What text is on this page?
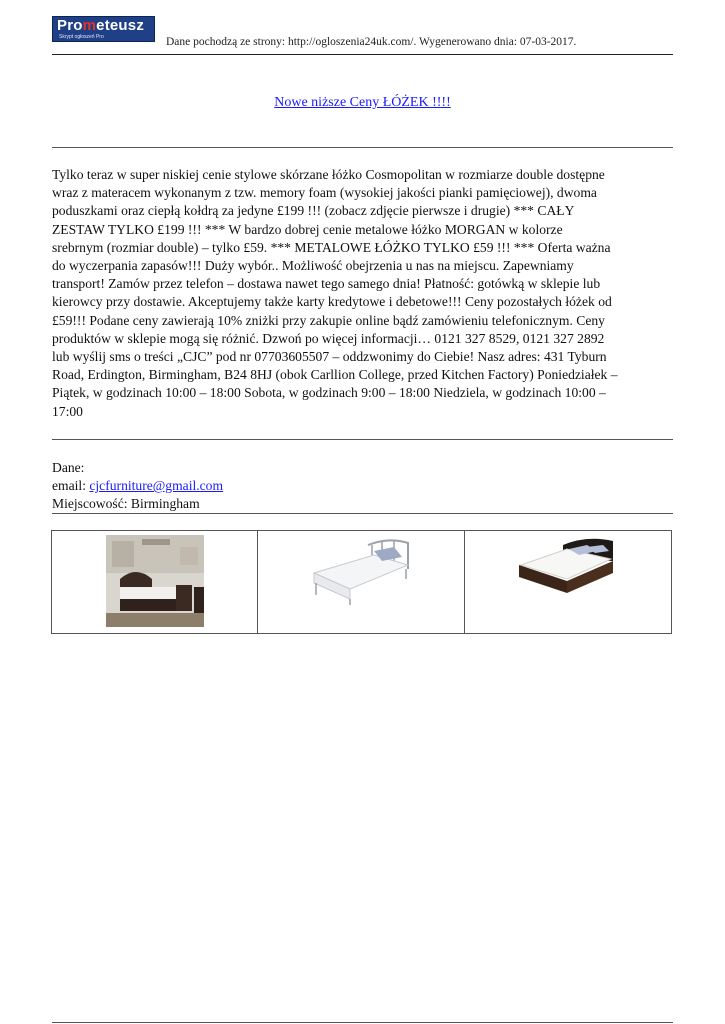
Prometeusz
Skrypt ogłoszeń Pro	Dane pochodzą ze strony: http://ogloszenia24uk.com/. Wygenerowano dnia: 07-03-2017.
Nowe niższe Ceny ŁÓŻEK !!!!
Tylko teraz w super niskiej cenie stylowe skórzane łóżko Cosmopolitan w rozmiarze double dostępne
wraz z materacem wykonanym z tzw. memory foam (wysokiej jakości pianki pamięciowej), dwoma
poduszkami oraz ciepłą kołdrą za jedyne £199 !!! (zobacz zdjęcie pierwsze i drugie) *** CAŁY
ZESTAW TYLKO £199 !!! *** W bardzo dobrej cenie metalowe łóżko MORGAN w kolorze
srebrnym (rozmiar double) – tylko £59. *** METALOWE ŁÓŻKO TYLKO £59 !!! *** Oferta ważna
do wyczerpania zapasów!!! Duży wybór.. Możliwość obejrzenia u nas na miejscu. Zapewniamy
transport! Zamów przez telefon – dostawa nawet tego samego dnia! Płatność: gotówką w sklepie lub
kierowcy przy dostawie. Akceptujemy także karty kredytowe i debetowe!!! Ceny pozostałych łóżek od
£59!!! Podane ceny zawierają 10% zniżki przy zakupie online bądź zamówieniu telefonicznym. Ceny
produktów w sklepie mogą się różnić. Dzwoń po więcej informacji… 0121 327 8529, 0121 327 2892
lub wyślij sms o treści „CJC” pod nr 07703605507 – oddzwonimy do Ciebie! Nasz adres: 431 Tyburn
Road, Erdington, Birmingham, B24 8HJ (obok Carllion College, przed Kitchen Factory) Poniedziałek –
Piątek, w godzinach 10:00 – 18:00 Sobota, w godzinach 9:00 – 18:00 Niedziela, w godzinach 10:00 –
17:00
Dane:
email: cjcfurniture@gmail.com
Miejscowość: Birmingham
